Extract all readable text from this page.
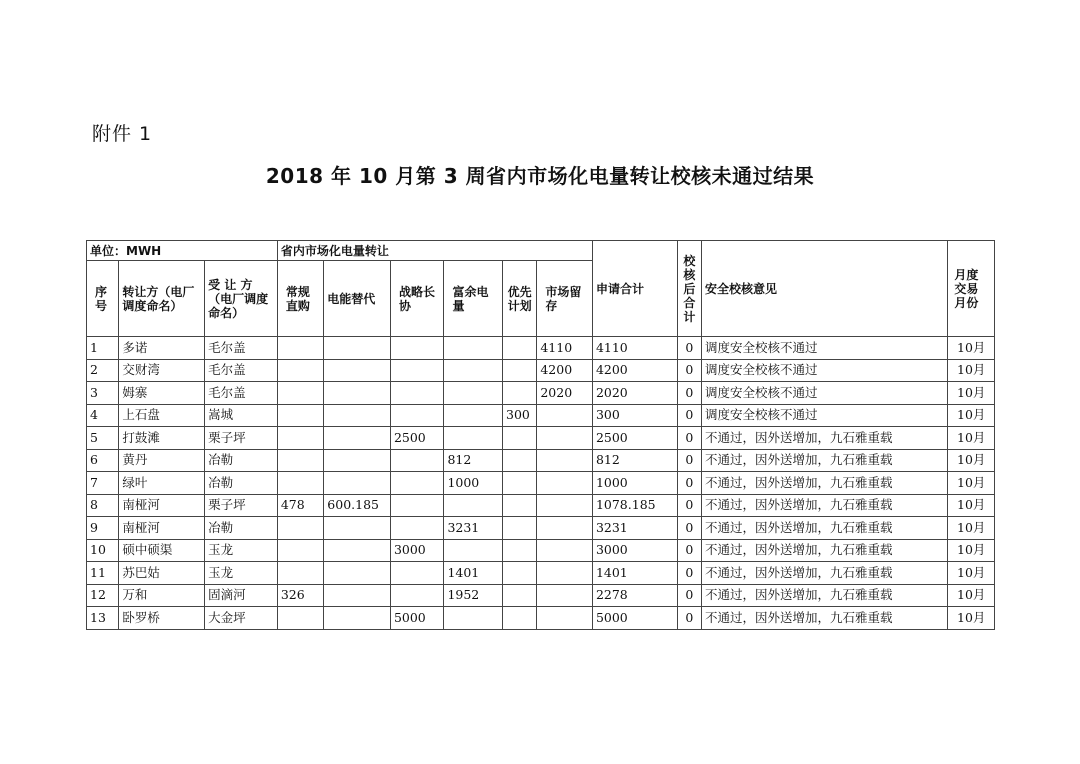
附件 1
2018 年 10 月第 3 周省内市场化电量转让校核未通过结果
单位：MWH			省内市场化电量转让						申请合计	校核后合计	安全校核意见	月度交易月份
序号	转让方（电厂调度命名）	受 让 方（电厂调度命名）	常规直购	电能替代	战略长协	富余电量	优先计划	市场留存				
1	多诺	毛尔盖						4110	4110	0	调度安全校核不通过	10月
2	交财湾	毛尔盖						4200	4200	0	调度安全校核不通过	10月
3	姆寨	毛尔盖						2020	2020	0	调度安全校核不通过	10月
4	上石盘	嵩城					300		300	0	调度安全校核不通过	10月
5	打鼓滩	栗子坪			2500				2500	0	不通过，因外送增加，九石雅重载	10月
6	黄丹	冶勒				812			812	0	不通过，因外送增加，九石雅重载	10月
7	绿叶	冶勒				1000			1000	0	不通过，因外送增加，九石雅重载	10月
8	南桠河	栗子坪	478	600.185					1078.185	0	不通过，因外送增加，九石雅重载	10月
9	南桠河	冶勒				3231			3231	0	不通过，因外送增加，九石雅重载	10月
10	硕中硕渠	玉龙			3000				3000	0	不通过，因外送增加，九石雅重载	10月
11	苏巴姑	玉龙				1401			1401	0	不通过，因外送增加，九石雅重载	10月
12	万和	固滴河	326			1952			2278	0	不通过，因外送增加，九石雅重载	10月
13	卧罗桥	大金坪			5000				5000	0	不通过，因外送增加，九石雅重载	10月
